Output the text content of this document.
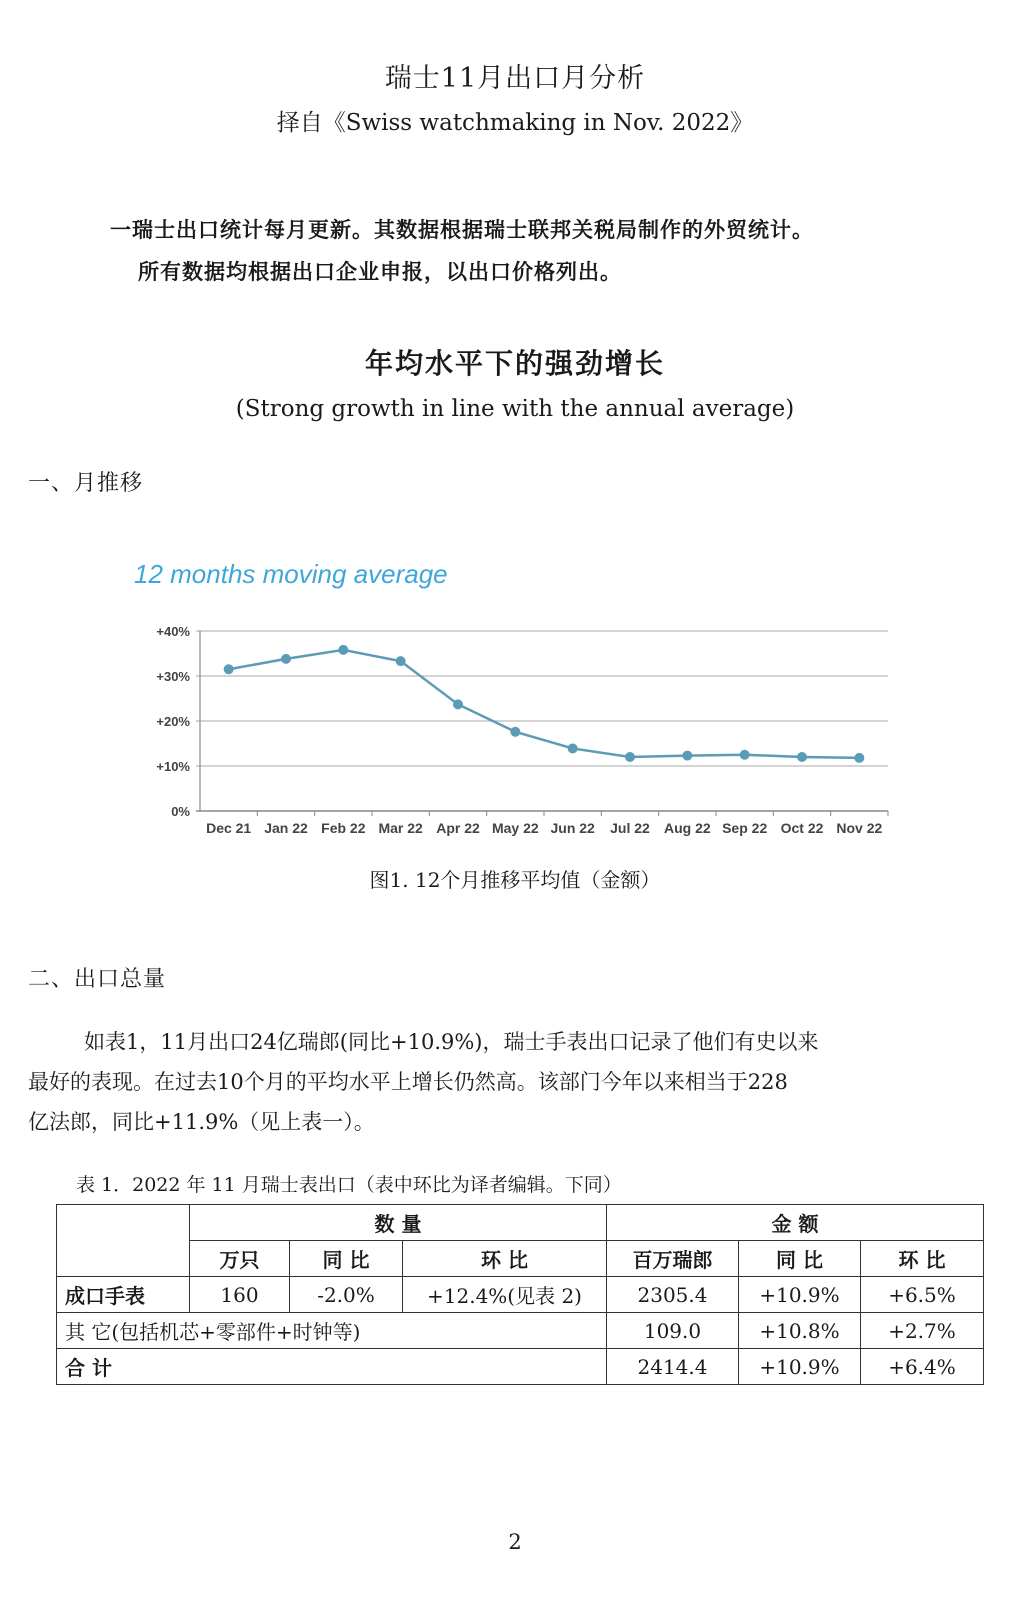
瑞士11月出口月分析
择自《Swiss watchmaking in Nov. 2022》
一瑞士出口统计每月更新。其数据根据瑞士联邦关税局制作的外贸统计。
所有数据均根据出口企业申报，以出口价格列出。
年均水平下的强劲增长
(Strong growth in line with the annual average)
一、月推移
12 months moving average
0%
+10%
+20%
+30%
+40%
Dec 21 Jan 22 Feb 22 Mar 22 Apr 22 May 22 Jun 22 Jul 22 Aug 22 Sep 22 Oct 22 Nov 22
图1. 12个月推移平均值（金额）
二、出口总量
如表1，11月出口24亿瑞郎(同比+10.9%)，瑞士手表出口记录了他们有史以来
最好的表现。在过去10个月的平均水平上增长仍然高。该部门今年以来相当于228
亿法郎，同比+11.9%（见上表一）。
表 1．2022 年 11 月瑞士表出口（表中环比为译者编辑。下同）
	数 量			金 额		
	万只	同 比	环 比	百万瑞郎	同 比	环 比
成口手表	160	-2.0%	+12.4%(见表 2)	2305.4	+10.9%	+6.5%
其 它(包括机芯+零部件+时钟等)				109.0	+10.8%	+2.7%
合 计				2414.4	+10.9%	+6.4%
2
